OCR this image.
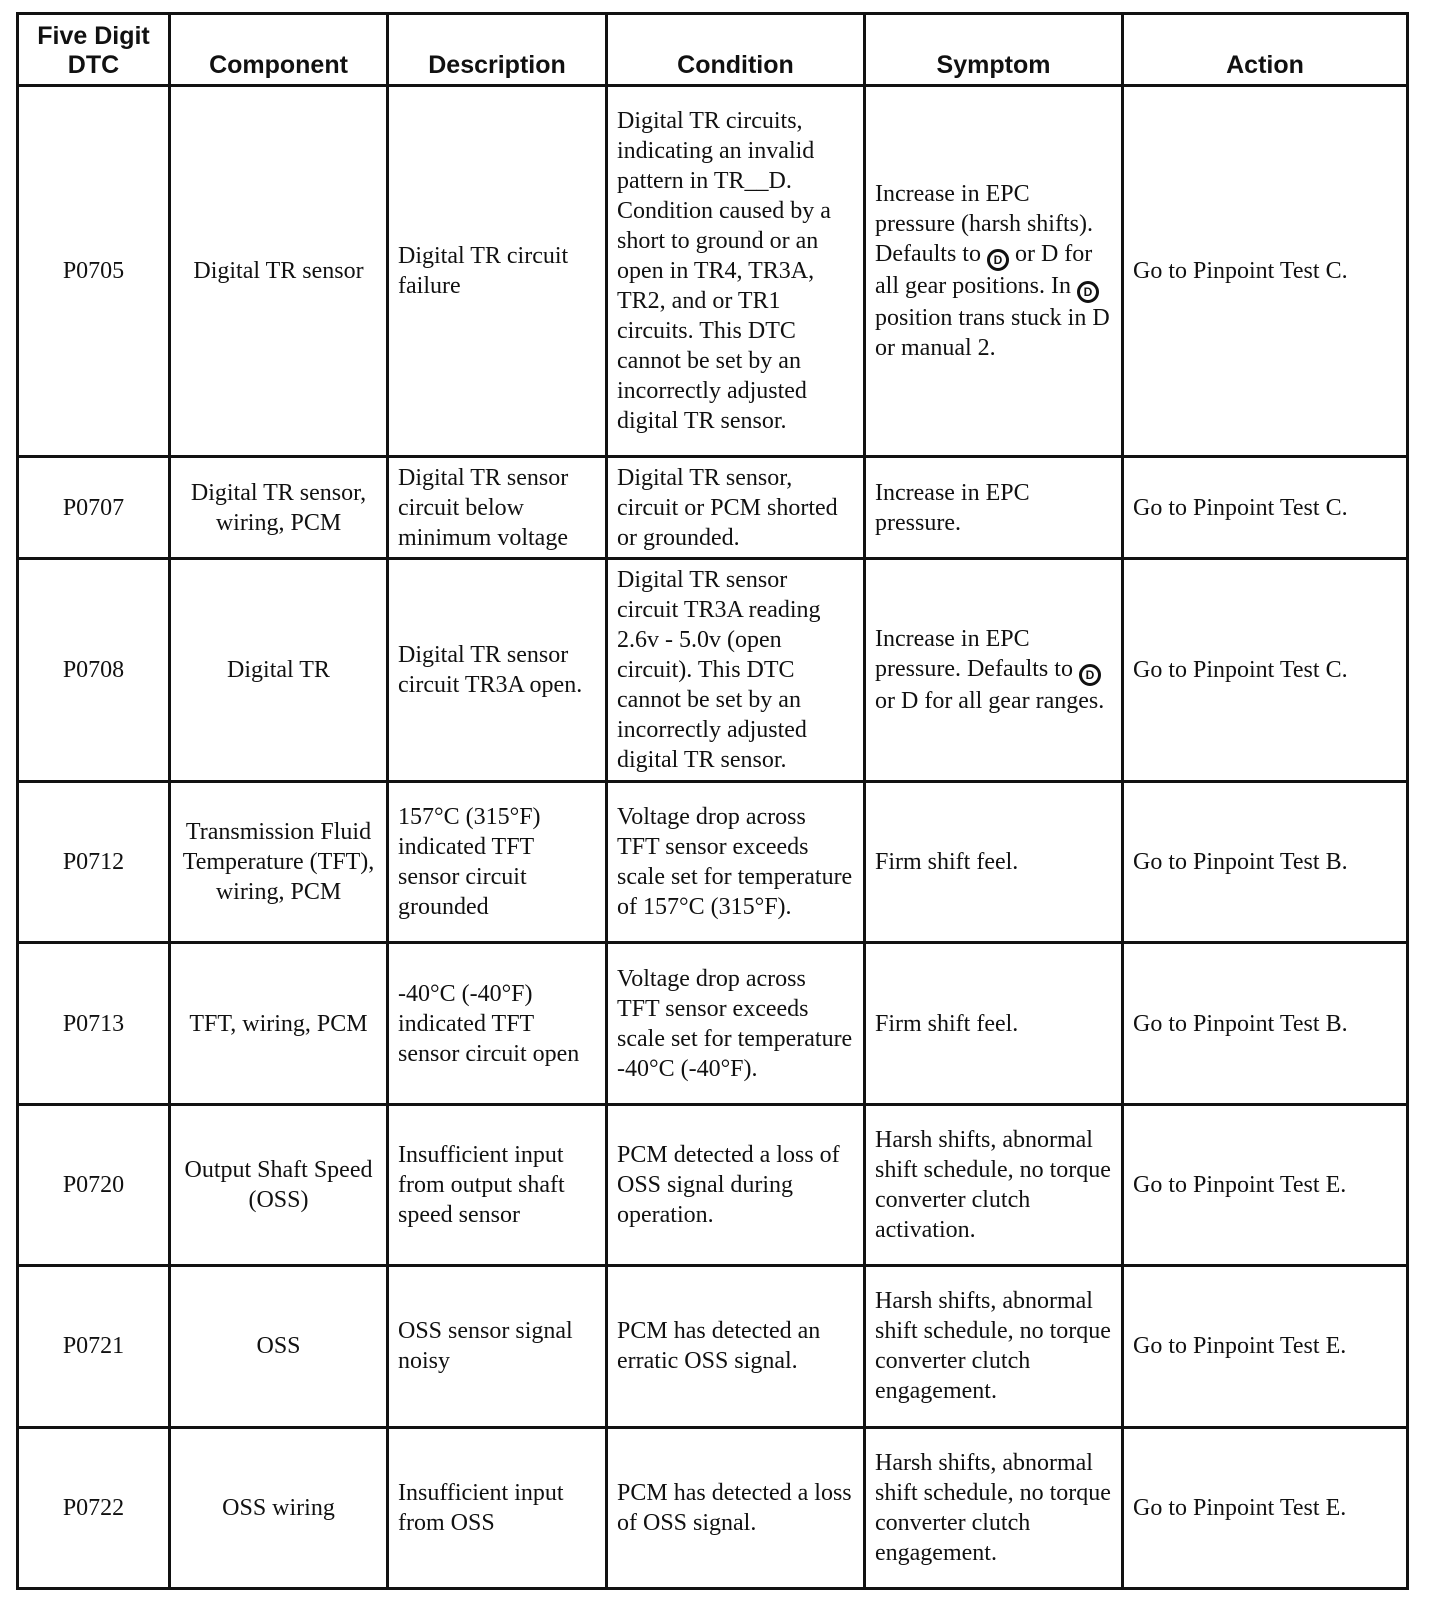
Five Digit
DTC	Component	Description	Condition	Symptom	Action
P0705	Digital TR sensor	Digital TR circuit failure	Digital TR circuits, indicating an invalid pattern in TR__D. Condition caused by a short to ground or an open in TR4, TR3A, TR2, and or TR1 circuits. This DTC cannot be set by an incorrectly adjusted digital TR sensor.	Increase in EPC pressure (harsh shifts). Defaults to D or D for all gear positions. In D position trans stuck in D or manual 2.	Go to Pinpoint Test C.
P0707	Digital TR sensor, wiring, PCM	Digital TR sensor circuit below minimum voltage	Digital TR sensor, circuit or PCM shorted or grounded.	Increase in EPC pressure.	Go to Pinpoint Test C.
P0708	Digital TR	Digital TR sensor circuit TR3A open.	Digital TR sensor circuit TR3A reading 2.6v - 5.0v (open circuit). This DTC cannot be set by an incorrectly adjusted digital TR sensor.	Increase in EPC pressure. Defaults to Dor D for all gear ranges.	Go to Pinpoint Test C.
P0712	Transmission Fluid Temperature (TFT), wiring, PCM	157°C (315°F) indicated TFT sensor circuit grounded	Voltage drop across TFT sensor exceeds scale set for temperature of 157°C (315°F).	Firm shift feel.	Go to Pinpoint Test B.
P0713	TFT, wiring, PCM	-40°C (-40°F) indicated TFT sensor circuit open	Voltage drop across TFT sensor exceeds scale set for temperature -40°C (-40°F).	Firm shift feel.	Go to Pinpoint Test B.
P0720	Output Shaft Speed (OSS)	Insufficient input from output shaft speed sensor	PCM detected a loss of OSS signal during operation.	Harsh shifts, abnormal shift schedule, no torque converter clutch activation.	Go to Pinpoint Test E.
P0721	OSS	OSS sensor signal noisy	PCM has detected an erratic OSS signal.	Harsh shifts, abnormal shift schedule, no torque converter clutch engagement.	Go to Pinpoint Test E.
P0722	OSS wiring	Insufficient input from OSS	PCM has detected a loss of OSS signal.	Harsh shifts, abnormal shift schedule, no torque converter clutch engagement.	Go to Pinpoint Test E.
